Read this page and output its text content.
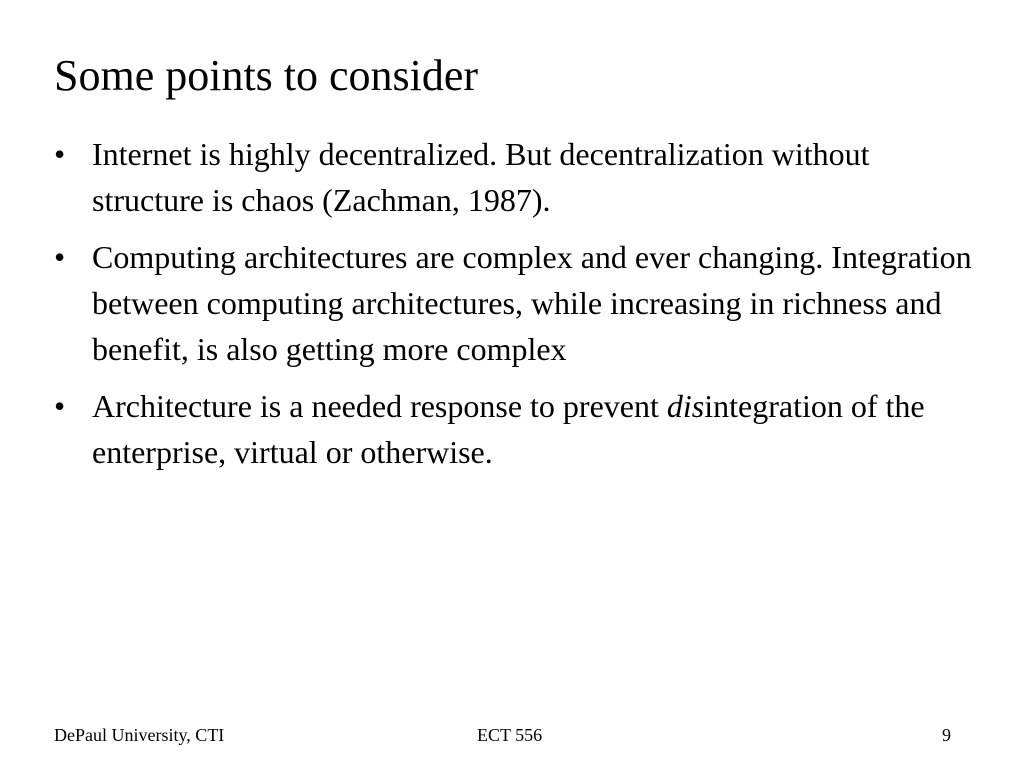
Some points to consider
• Internet is highly decentralized. But decentralization without structure is chaos (Zachman, 1987).
• Computing architectures are complex and ever changing. Integration between computing architectures, while increasing in richness and benefit, is also getting more complex
• Architecture is a needed response to prevent disintegration of the enterprise, virtual or otherwise.
DePaul University, CTI	ECT 556	9
